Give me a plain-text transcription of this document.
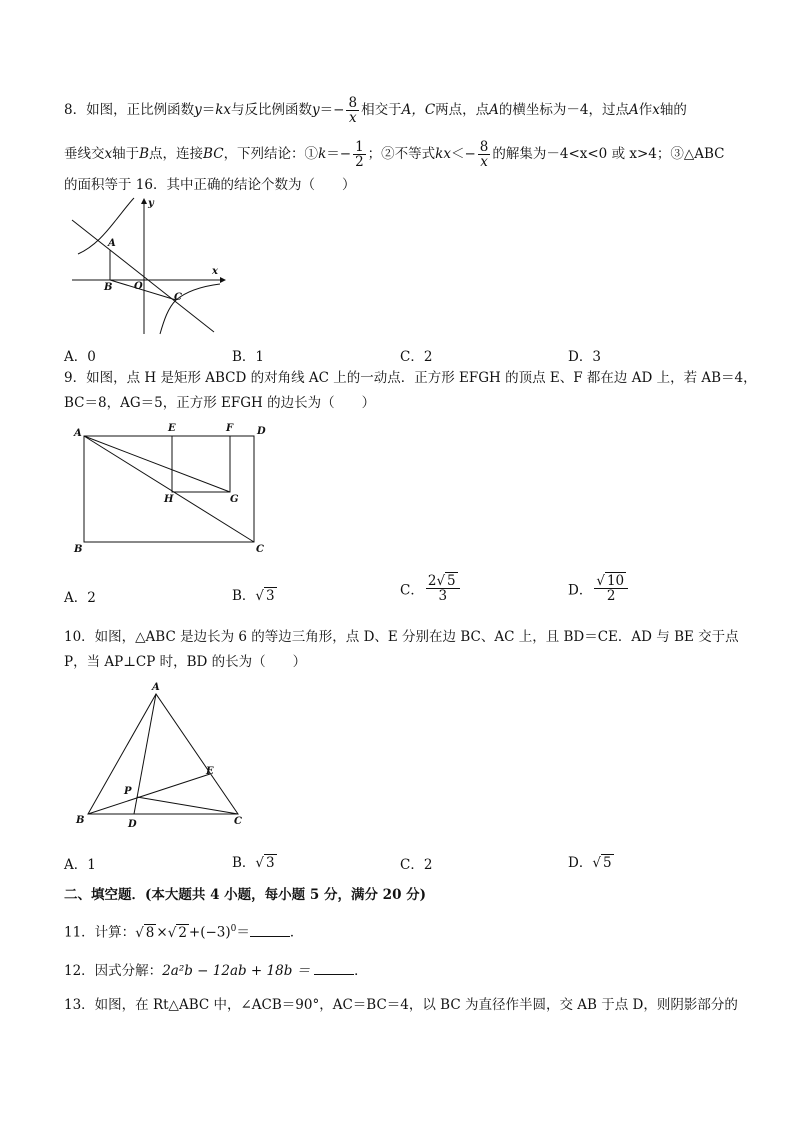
8．如图，正比例函数y＝kx与反比例函数$y=- \frac{8}{x}$ 相交于A，C两点，点A的横坐标为－4，过点A作x轴的
垂线交x轴于B点，连接BC，下列结论：①k＝− $\frac{1}{2}$ ；②不等式$kx<- \frac{8}{x}$ 的解集为－4<x<0 或 x>4；③△ABC
的面积等于 16．其中正确的结论个数为（　　）
A
B O
C
x
y
A．0	B．1	C．2	D．3
9．如图，点 H 是矩形 ABCD 的对角线 AC 上的一动点．正方形 EFGH 的顶点 E、F 都在边 AD 上，若 AB＝4，
BC＝8，AG＝5，正方形 EFGH 的边长为（　　）
A	E	F D
H	G
B	C
A．2	B．√ 3	C． $\frac{2√ 5}{3}$	D． $\frac{√ 10}{2}$
10．如图，△ABC 是边长为 6 的等边三角形，点 D、E 分别在边 BC、AC 上，且 BD＝CE．AD 与 BE 交于点
P，当 AP⊥CP 时，BD 的长为（　　）
A
E
P
B	D	C
A．1	B．√ 3	C．2	D．√ 5
二、填空题．(本大题共 4 小题，每小题 5 分，满分 20 分)
11．计算：√ 8 ×√ $2 +(-3)^0=$	．
12．因式分解：2a²b − 12ab + 18b ＝	．
13．如图，在 Rt△ABC 中，∠ACB＝90°，AC＝BC＝4，以 BC 为直径作半圆，交 AB 于点 D，则阴影部分的
